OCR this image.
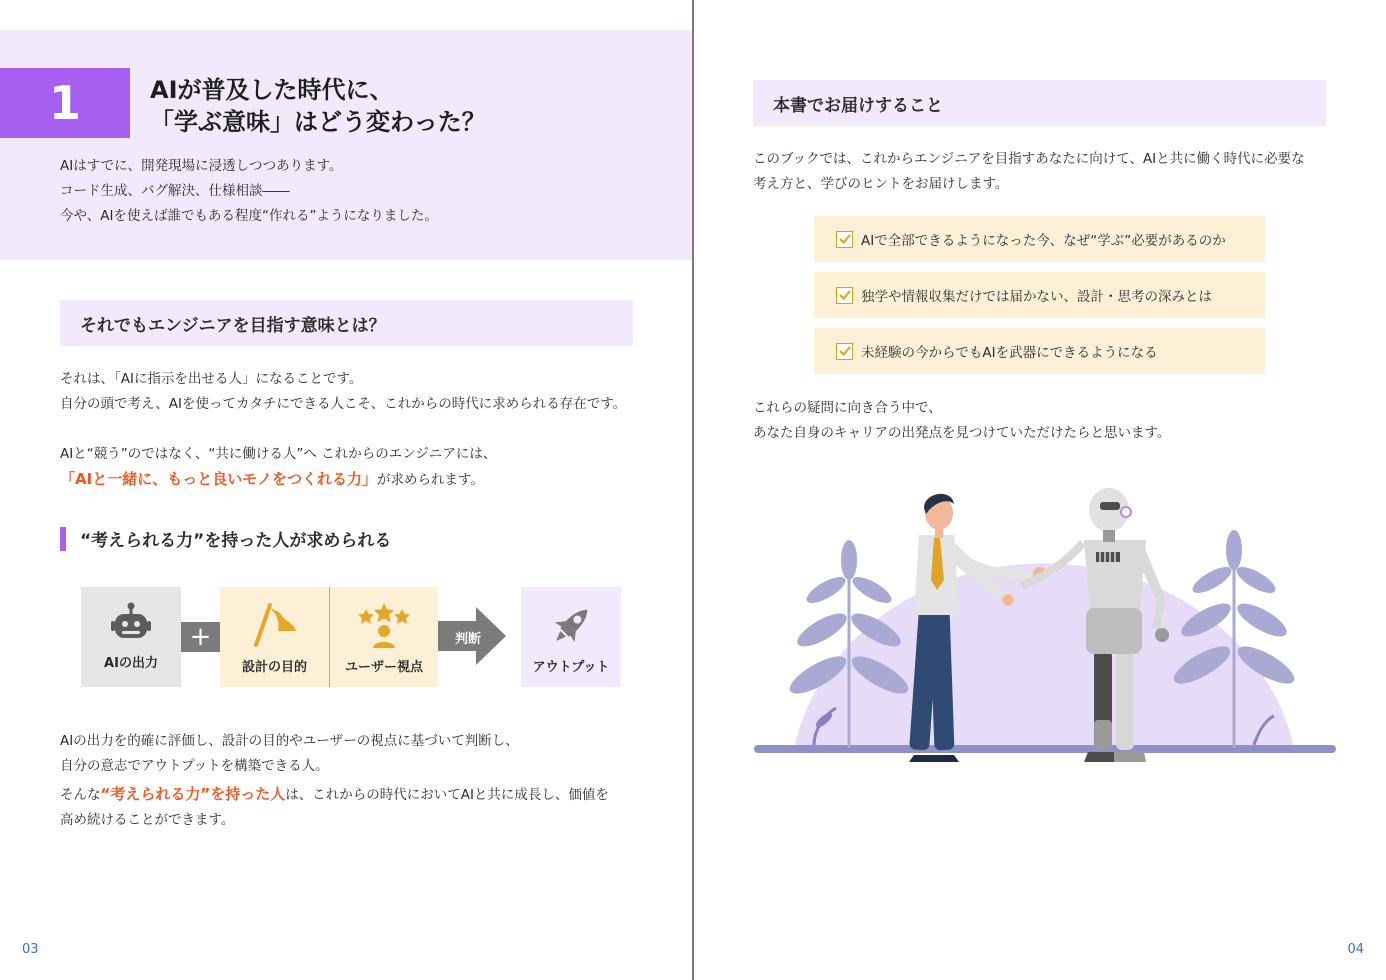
1	AIが普及した時代に、
「学ぶ意味」はどう変わった？
AIはすでに、開発現場に浸透しつつあります。
コード生成、バグ解決、仕様相談――
今や、AIを使えば誰でもある程度“作れる”ようになりました。
それでもエンジニアを目指す意味とは？
それは、「AIに指示を出せる人」になることです。
自分の頭で考え、AIを使ってカタチにできる人こそ、これからの時代に求められる存在です。
AIと“競う”のではなく、“共に働ける人”へ これからのエンジニアには、
「AIと一緒に、もっと良いモノをつくれる力」が求められます。
“考えられる力”を持った人が求められる
AIの出力
+
設計の目的	ユーザー視点
判断
アウトプット
AIの出力を的確に評価し、設計の目的やユーザーの視点に基づいて判断し、
自分の意志でアウトプットを構築できる人。
そんな“考えられる力”を持った人は、これからの時代においてAIと共に成長し、価値を
高め続けることができます。
03
本書でお届けすること
このブックでは、これからエンジニアを目指すあなたに向けて、AIと共に働く時代に必要な
考え方と、学びのヒントをお届けします。
AIで全部できるようになった今、なぜ“学ぶ”必要があるのか
独学や情報収集だけでは届かない、設計・思考の深みとは
未経験の今からでもAIを武器にできるようになる
これらの疑問に向き合う中で、
あなた自身のキャリアの出発点を見つけていただけたらと思います。
04
